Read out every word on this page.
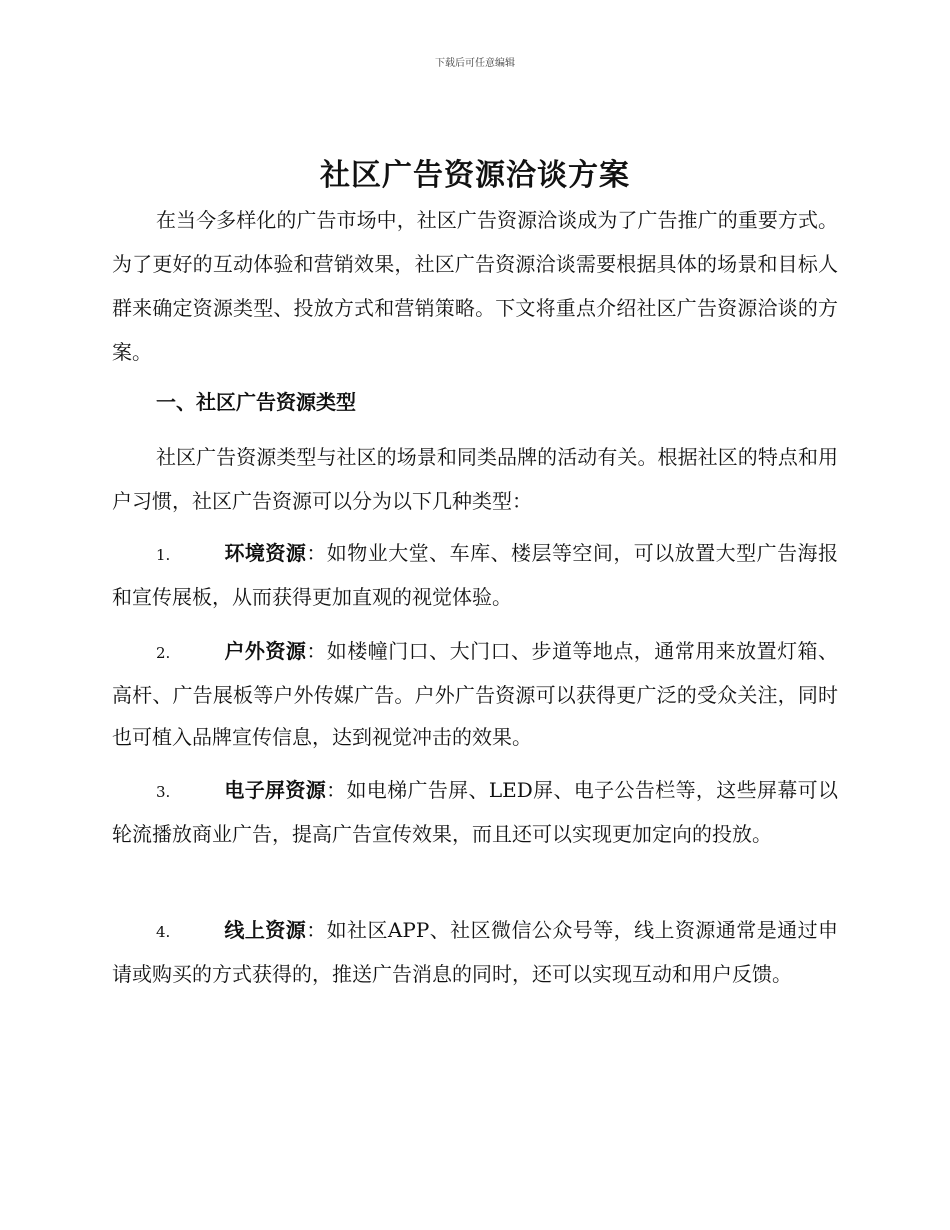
下载后可任意编辑
社区广告资源洽谈方案

在当今多样化的广告市场中，社区广告资源洽谈成为了广告推广的重要方式。为了更好的互动体验和营销效果，社区广告资源洽谈需要根据具体的场景和目标人群来确定资源类型、投放方式和营销策略。下文将重点介绍社区广告资源洽谈的方案。

一、社区广告资源类型

社区广告资源类型与社区的场景和同类品牌的活动有关。根据社区的特点和用户习惯，社区广告资源可以分为以下几种类型：

1.	环境资源：如物业大堂、车库、楼层等空间，可以放置大型广告海报和宣传展板，从而获得更加直观的视觉体验。

2.	户外资源：如楼幢门口、大门口、步道等地点，通常用来放置灯箱、高杆、广告展板等户外传媒广告。户外广告资源可以获得更广泛的受众关注，同时也可植入品牌宣传信息，达到视觉冲击的效果。

3.	电子屏资源：如电梯广告屏、LED屏、电子公告栏等，这些屏幕可以轮流播放商业广告，提高广告宣传效果，而且还可以实现更加定向的投放。

4.	线上资源：如社区APP、社区微信公众号等，线上资源通常是通过申请或购买的方式获得的，推送广告消息的同时，还可以实现互动和用户反馈。
